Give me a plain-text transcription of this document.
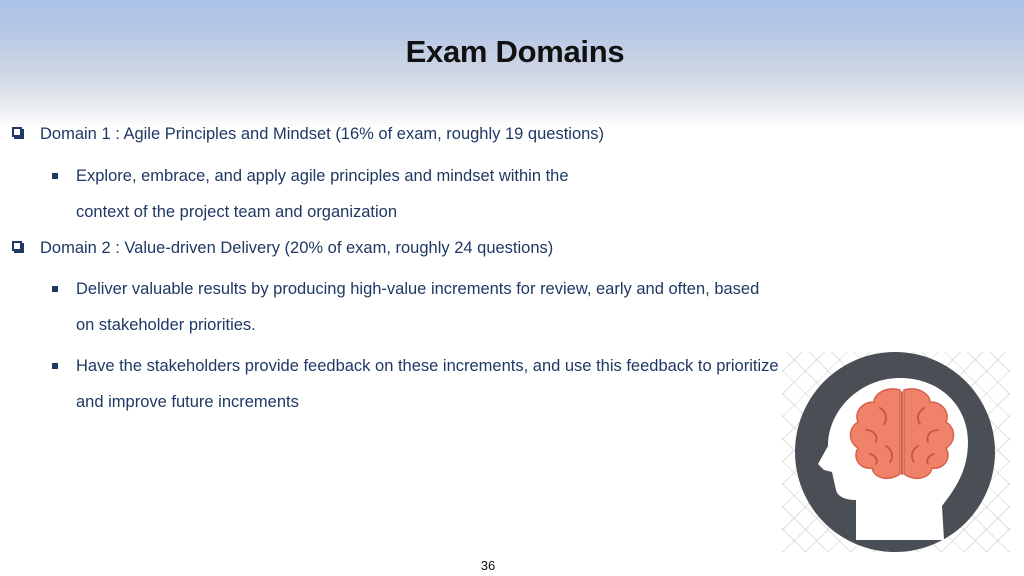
Exam Domains
Domain 1 : Agile Principles and Mindset (16% of exam, roughly 19 questions)
Explore, embrace, and apply agile principles and mindset within the
context of the project team and organization
Domain 2 : Value-driven Delivery (20% of exam, roughly 24 questions)
Deliver valuable results by producing high-value increments for review, early and often, based
on stakeholder priorities.
Have the stakeholders provide feedback on these increments, and use this feedback to prioritize
and improve future increments
36
